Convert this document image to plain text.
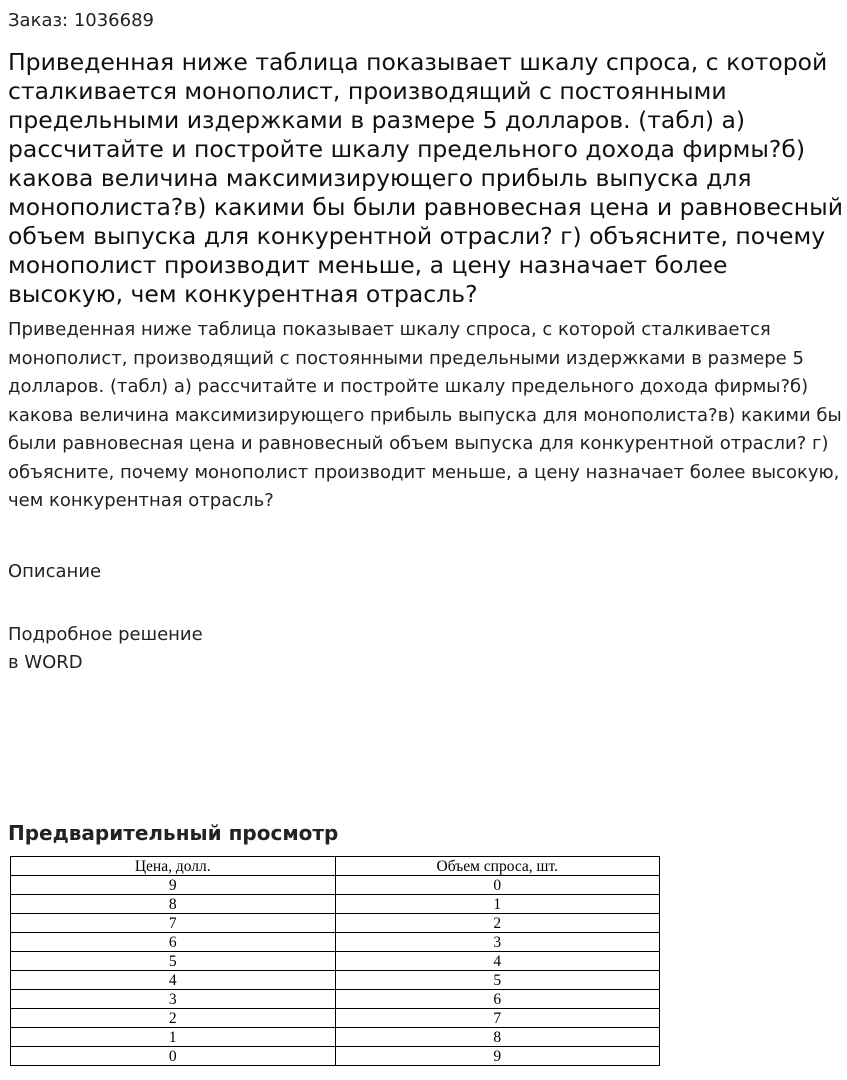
Заказ: 1036689
Приведенная ниже таблица показывает шкалу спроса, с которой сталкивается монополист, производящий с постоянными предельными издержками в размере 5 долларов. (табл) а) рассчитайте и постройте шкалу предельного дохода фирмы?б) какова величина максимизирующего прибыль выпуска для монополиста?в) какими бы были равновесная цена и равновесный объем выпуска для конкурентной отрасли? г) объясните, почему монополист производит меньше, а цену назначает более высокую, чем конкурентная отрасль?

Приведенная ниже таблица показывает шкалу спроса, с которой сталкивается монополист, производящий с постоянными предельными издержками в размере 5 долларов. (табл) а) рассчитайте и постройте шкалу предельного дохода фирмы?б) какова величина максимизирующего прибыль выпуска для монополиста?в) какими бы были равновесная цена и равновесный объем выпуска для конкурентной отрасли? г) объясните, почему монополист производит меньше, а цену назначает более высокую, чем конкурентная отрасль?

Описание
Подробное решение
в WORD
Предварительный просмотр
Цена, долл.	Объем спроса, шт.
9	0
8	1
7	2
6	3
5	4
4	5
3	6
2	7
1	8
0	9
